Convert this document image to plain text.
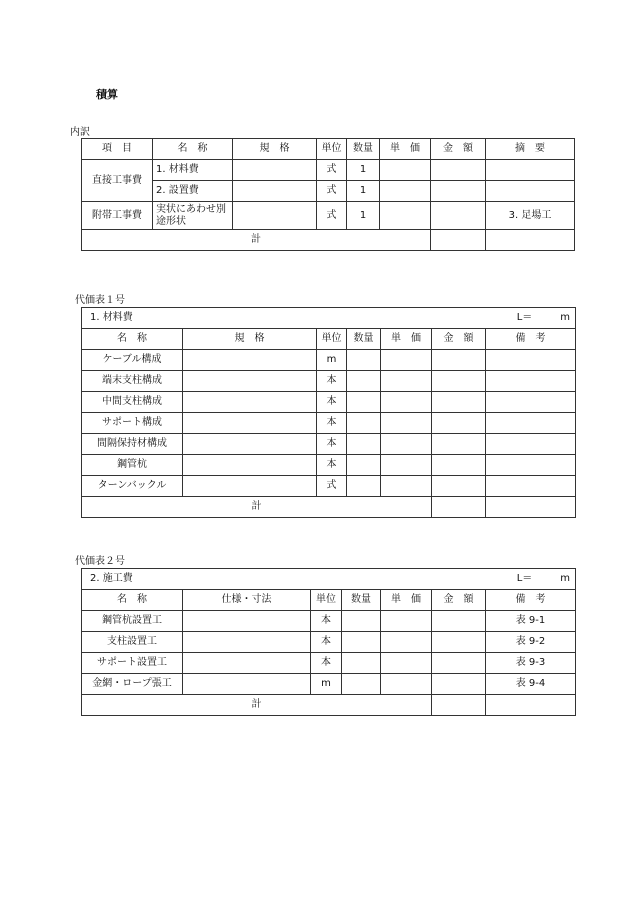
積算
内訳
項　目	名　称	規　格	単位	数量	単　価	金　額	摘　要
直接工事費	1. 材料費		式	1			
	2. 設置費		式	1			
附帯工事費	実状にあわせ別途形状		式	1			3. 足場工
計							
代価表１号
1. 材料費 L＝ m						

名　称	規　格	単位	数量	単　価	金　額	備　考
ケーブル構成		m				
端末支柱構成		本				
中間支柱構成		本				
サポート構成		本				
間隔保持材構成		本				
鋼管杭		本				
ターンバックル		式				
計						
代価表２号
2. 施工費 L＝ m						

名　称	仕様・寸法	単位	数量	単　価	金　額	備　考
鋼管杭設置工		本				表 9-1
支柱設置工		本				表 9-2
サポート設置工		本				表 9-3
金網・ロープ張工		m				表 9-4
計						
